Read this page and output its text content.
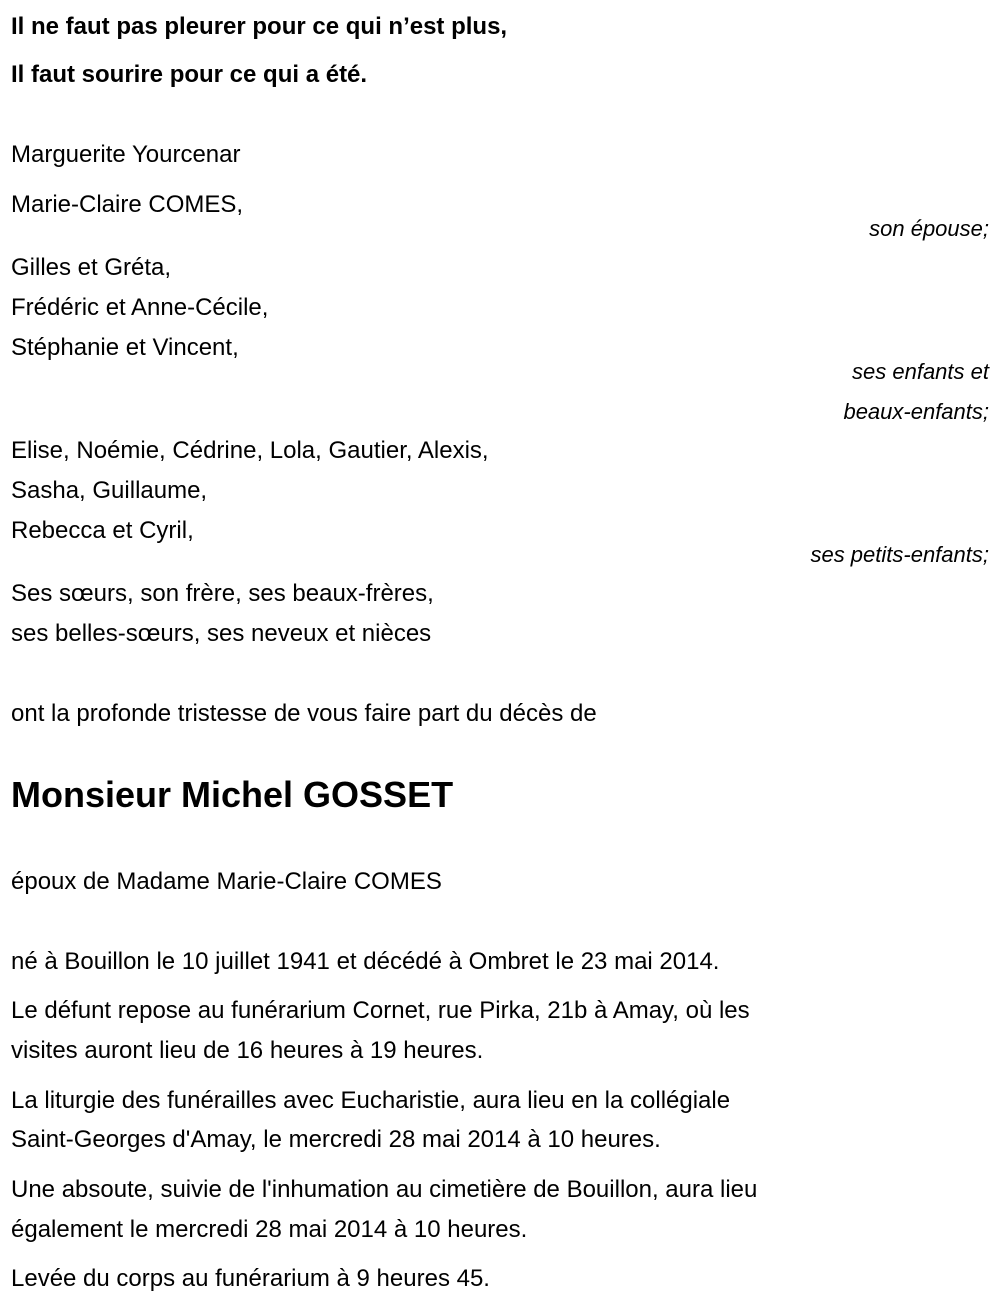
Il ne faut pas pleurer pour ce qui n’est plus,
Il faut sourire pour ce qui a été.
Marguerite Yourcenar
Marie-Claire COMES,
son épouse;
Gilles et Gréta,
Frédéric et Anne-Cécile,
Stéphanie et Vincent,
ses enfants et
beaux-enfants;
Elise, Noémie, Cédrine, Lola, Gautier, Alexis,
Sasha, Guillaume,
Rebecca et Cyril,
ses petits-enfants;
Ses sœurs, son frère, ses beaux-frères,
ses belles-sœurs, ses neveux et nièces
ont la profonde tristesse de vous faire part du décès de
Monsieur Michel GOSSET
époux de Madame Marie-Claire COMES
né à Bouillon le 10 juillet 1941 et décédé à Ombret le 23 mai 2014.
Le défunt repose au funérarium Cornet, rue Pirka, 21b à Amay, où les
visites auront lieu de 16 heures à 19 heures.
La liturgie des funérailles avec Eucharistie, aura lieu en la collégiale
Saint-Georges d'Amay, le mercredi 28 mai 2014 à 10 heures.
Une absoute, suivie de l'inhumation au cimetière de Bouillon, aura lieu
également le mercredi 28 mai 2014 à 10 heures.
Levée du corps au funérarium à 9 heures 45.
